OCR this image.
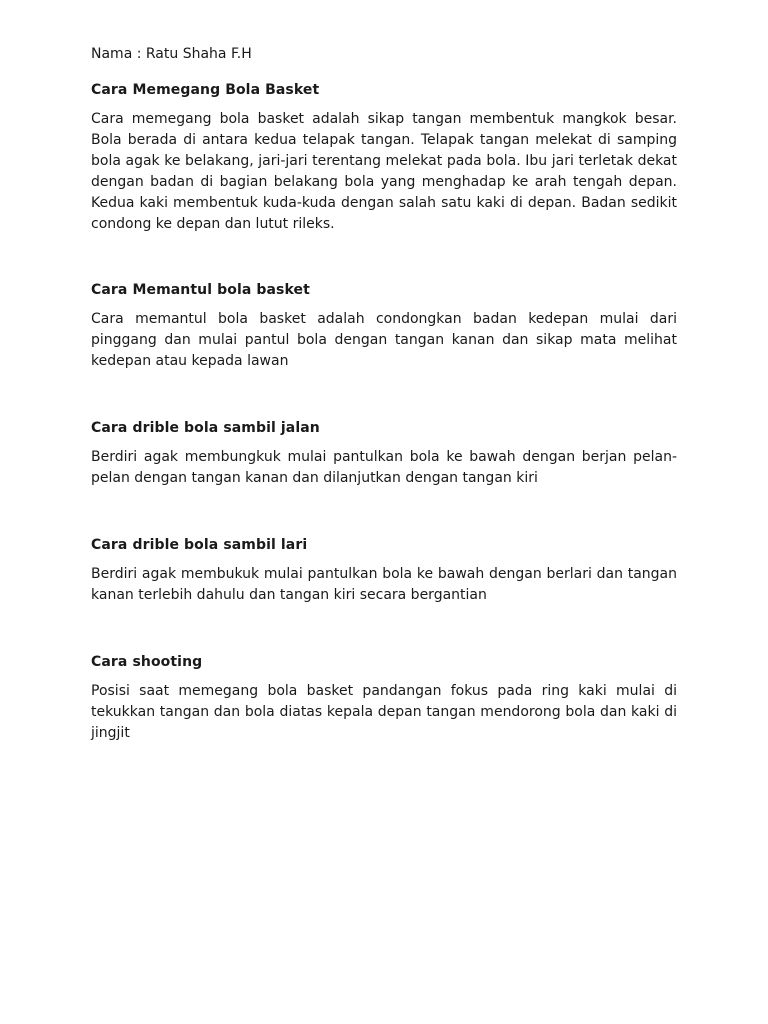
Nama : Ratu Shaha F.H

Cara Memegang Bola Basket

Cara memegang bola basket adalah sikap tangan membentuk mangkok besar. Bola berada di antara kedua telapak tangan. Telapak tangan melekat di samping bola agak ke belakang, jari-jari terentang melekat pada bola. Ibu jari terletak dekat dengan badan di bagian belakang bola yang menghadap ke arah tengah depan. Kedua kaki membentuk kuda-kuda dengan salah satu kaki di depan. Badan sedikit condong ke depan dan lutut rileks.

Cara Memantul bola basket

Cara memantul bola basket adalah condongkan badan kedepan mulai dari pinggang dan mulai pantul bola dengan tangan kanan dan sikap mata melihat kedepan atau kepada lawan

Cara drible bola sambil jalan

Berdiri agak membungkuk mulai pantulkan bola ke bawah dengan berjan pelan-pelan dengan tangan kanan dan dilanjutkan dengan tangan kiri

Cara drible bola sambil lari

Berdiri agak membukuk mulai pantulkan bola ke bawah dengan berlari dan tangan kanan terlebih dahulu dan tangan kiri secara bergantian

Cara shooting

Posisi saat memegang bola basket pandangan fokus pada ring kaki mulai di tekukkan tangan dan bola diatas kepala depan tangan mendorong bola dan kaki di jingjit
